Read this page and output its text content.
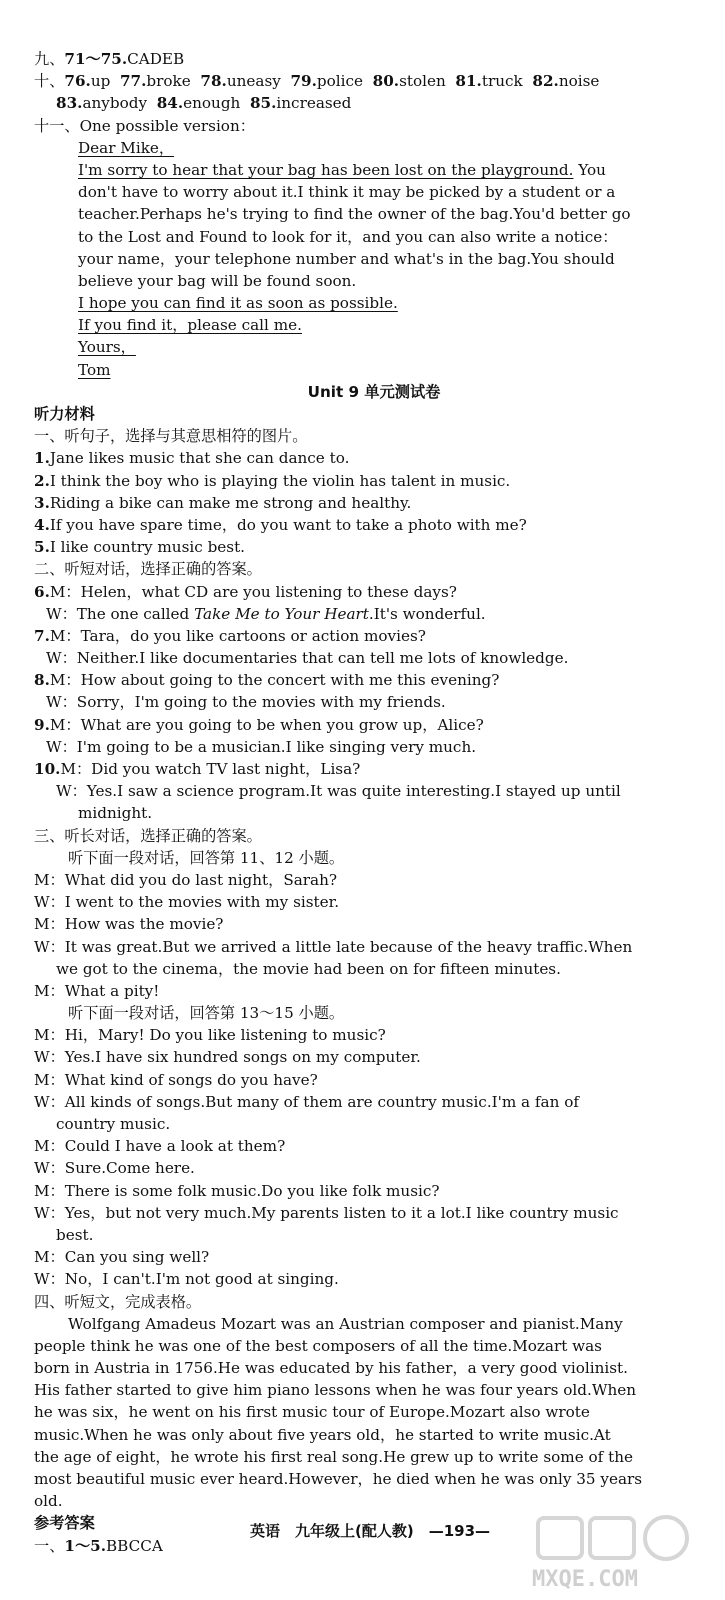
九、71～75.CADEB
十、76.up 77.broke 78.uneasy 79.police 80.stolen 81.truck 82.noise
83.anybody 84.enough 85.increased
十一、One possible version：
Dear Mike，
I'm sorry to hear that your bag has been lost on the playground. You
don't have to worry about it.I think it may be picked by a student or a
teacher.Perhaps he's trying to find the owner of the bag.You'd better go
to the Lost and Found to look for it，and you can also write a notice：
your name，your telephone number and what's in the bag.You should
believe your bag will be found soon.
I hope you can find it as soon as possible.
If you find it，please call me.
Yours，
Tom
Unit 9 单元测试卷
听力材料
一、听句子，选择与其意思相符的图片。
1.Jane likes music that she can dance to.
2.I think the boy who is playing the violin has talent in music.
3.Riding a bike can make me strong and healthy.
4.If you have spare time，do you want to take a photo with me?
5.I like country music best.
二、听短对话，选择正确的答案。
6.M：Helen，what CD are you listening to these days?
W：The one called Take Me to Your Heart.It's wonderful.
7.M：Tara，do you like cartoons or action movies?
W：Neither.I like documentaries that can tell me lots of knowledge.
8.M：How about going to the concert with me this evening?
W：Sorry，I'm going to the movies with my friends.
9.M：What are you going to be when you grow up，Alice?
W：I'm going to be a musician.I like singing very much.
10.M：Did you watch TV last night，Lisa?
W：Yes.I saw a science program.It was quite interesting.I stayed up until
midnight.
三、听长对话，选择正确的答案。
听下面一段对话，回答第 11、12 小题。
M：What did you do last night，Sarah?
W：I went to the movies with my sister.
M：How was the movie?
W：It was great.But we arrived a little late because of the heavy traffic.When
we got to the cinema，the movie had been on for fifteen minutes.
M：What a pity!
听下面一段对话，回答第 13～15 小题。
M：Hi，Mary! Do you like listening to music?
W：Yes.I have six hundred songs on my computer.
M：What kind of songs do you have?
W：All kinds of songs.But many of them are country music.I'm a fan of
country music.
M：Could I have a look at them?
W：Sure.Come here.
M：There is some folk music.Do you like folk music?
W：Yes，but not very much.My parents listen to it a lot.I like country music
best.
M：Can you sing well?
W：No，I can't.I'm not good at singing.
四、听短文，完成表格。
Wolfgang Amadeus Mozart was an Austrian composer and pianist.Many
people think he was one of the best composers of all the time.Mozart was
born in Austria in 1756.He was educated by his father，a very good violinist.
His father started to give him piano lessons when he was four years old.When
he was six，he went on his first music tour of Europe.Mozart also wrote
music.When he was only about five years old，he started to write music.At
the age of eight，he wrote his first real song.He grew up to write some of the
most beautiful music ever heard.However，he died when he was only 35 years
old.
参考答案
一、1～5.BBCCA
英语　九年级上(配人教)　—193—
MXQE.COM
